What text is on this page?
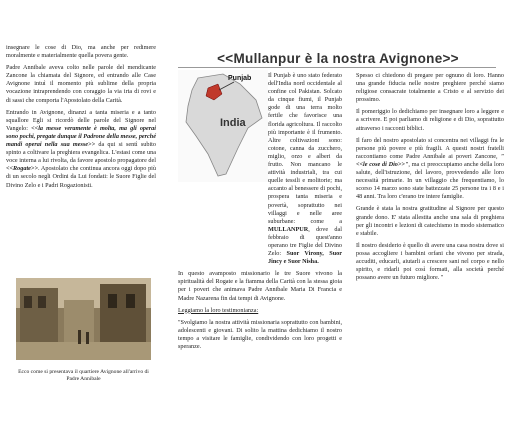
insegnare le cose di Dio, ma anche per redimere moralmente e materialmente quella povera gente.

Padre Annibale aveva colto nelle parole del mendicante Zancone la chiamata del Signore, ed entrando alle Case Avignone intuì il momento più sublime della propria vocazione intraprendendo con coraggio la via irta di rovi e di sassi che comporta l'Apostolato della Carità.

Entrando in Avignone, dinanzi a tanta miseria e a tanto squallore Egli si ricordò delle parole del Signore nel Vangelo: <<la messe veramente è molta, ma gli operai sono pochi, pregate dunque il Padrone della messe, perché mandi operai nella sua messe>> da qui si sentì subito spinto a coltivare la preghiera evangelica. L'estasi come una voce interna a lui rivolta, da favore apostolo propagatore del <<Rogate>>. Apostolato che continua ancora oggi dopo più di un secolo negli Ordini da Lui fondati: le Suore Figlie del Divino Zelo e i Padri Rogazionisti.

Ecco come si presentava il quartiere Avignone all'arrivo di Padre Annibale
<<Mullanpur è la nostra Avignone>>
Punjab
India

Il Punjab è uno stato federato dell'India nord occidentale al confine col Pakistan. Solcato da cinque fiumi, il Punjab gode di una terra molto fertile che favorisce una florida agricoltura. Il raccolto più importante è il frumento. Altre coltivazioni sono: cotone, canna da zucchero, miglio, orzo e alberi da frutto. Non mancano le attività industriali, tra cui quelle tessili e molitorie; ma accanto al benessere di pochi, prospera tanta miseria e povertà, soprattutto nei villaggi e nelle aree suburbane: come a MULLANPUR, dove dal febbraio di quest'anno operano tre Figlie del Divino Zelo: Suor Virony, Suor Jincy e Suor Nisha.

In questo avamposto missionario le tre Suore vivono la spiritualità del Rogate e la fiamma della Carità con la stessa gioia per i poveri che animava Padre Annibale Maria Di Francia e Madre Nazarena fin dai tempi di Avignone.

Leggiamo la loro testimonianza:

"Svolgiamo la nostra attività missionaria soprattutto con bambini, adolescenti e giovani. Di solito la mattina dedichiamo il nostro tempo a visitare le famiglie, condividendo con loro progetti e speranze.

Spesso ci chiedono di pregare per ognuno di loro. Hanno una grande fiducia nelle nostre preghiere perché siamo religiose consacrate totalmente a Cristo e al servizio dei prossimo.

Il pomeriggio lo dedichiamo per insegnare loro a leggere e a scrivere. E poi parliamo di religione e di Dio, soprattutto attraverso i racconti biblici.

Il faro del nostro apostolato si concentra nei villaggi fra le persone più povere e più fragili. A questi nostri fratelli raccontiamo come Padre Annibale ai poveri Zancone, "<<le cose di Dio>>", ma ci preoccupiamo anche della loro salute, dell'istruzione, del lavoro, provvedendo alle loro necessità primarie. In un villaggio che frequentiamo, lo scorso 14 marzo sono state battezzate 25 persone tra i 8 e i 48 anni. Tra loro c'erano tre intere famiglie.

Grande è stata la nostra gratitudine al Signore per questo grande dono. E' stata allestita anche una sala di preghiera per gli incontri e lezioni di catechismo in modo sistematico e stabile.

Il nostro desiderio è quello di avere una casa nostra dove si possa accogliere i bambini orfani che vivono per strada, accuditi, educarli, aiutarli a crescere sani nel corpo e nello spirito, e ridarli poi così formati, alla società perché possano avere un futuro migliore. "
